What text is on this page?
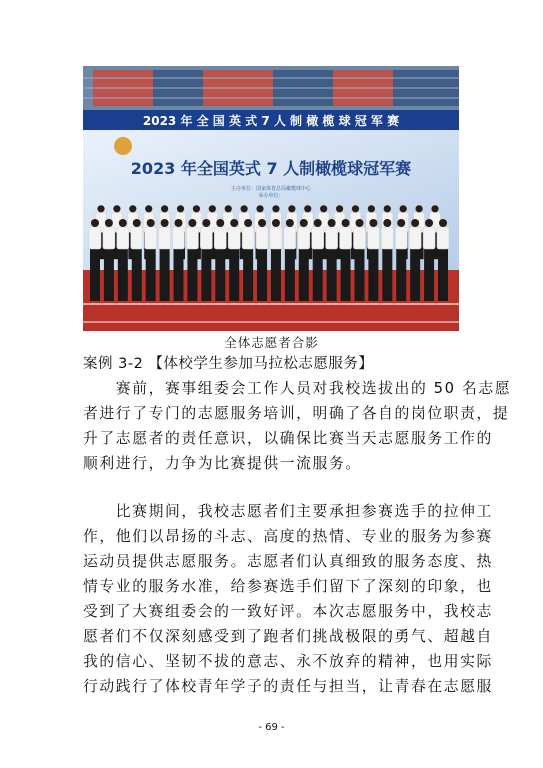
2023 年 全 国 英 式 7 人 制 橄 榄 球 冠 军 赛
2023 年全国英式 7 人制橄榄球冠军赛
主办单位：国家体育总局橄榄球中心
承办单位：
全体志愿者合影
案例 3-2 【体校学生参加马拉松志愿服务】

　　赛前，赛事组委会工作人员对我校选拔出的 50 名志愿
者进行了专门的志愿服务培训，明确了各自的岗位职责，提
升了志愿者的责任意识，以确保比赛当天志愿服务工作的
顺利进行，力争为比赛提供一流服务。

　　比赛期间，我校志愿者们主要承担参赛选手的拉伸工
作，他们以昂扬的斗志、高度的热情、专业的服务为参赛
运动员提供志愿服务。志愿者们认真细致的服务态度、热
情专业的服务水准，给参赛选手们留下了深刻的印象，也
受到了大赛组委会的一致好评。本次志愿服务中，我校志
愿者们不仅深刻感受到了跑者们挑战极限的勇气、超越自
我的信心、坚韧不拔的意志、永不放弃的精神，也用实际
行动践行了体校青年学子的责任与担当，让青春在志愿服

- 69 -
